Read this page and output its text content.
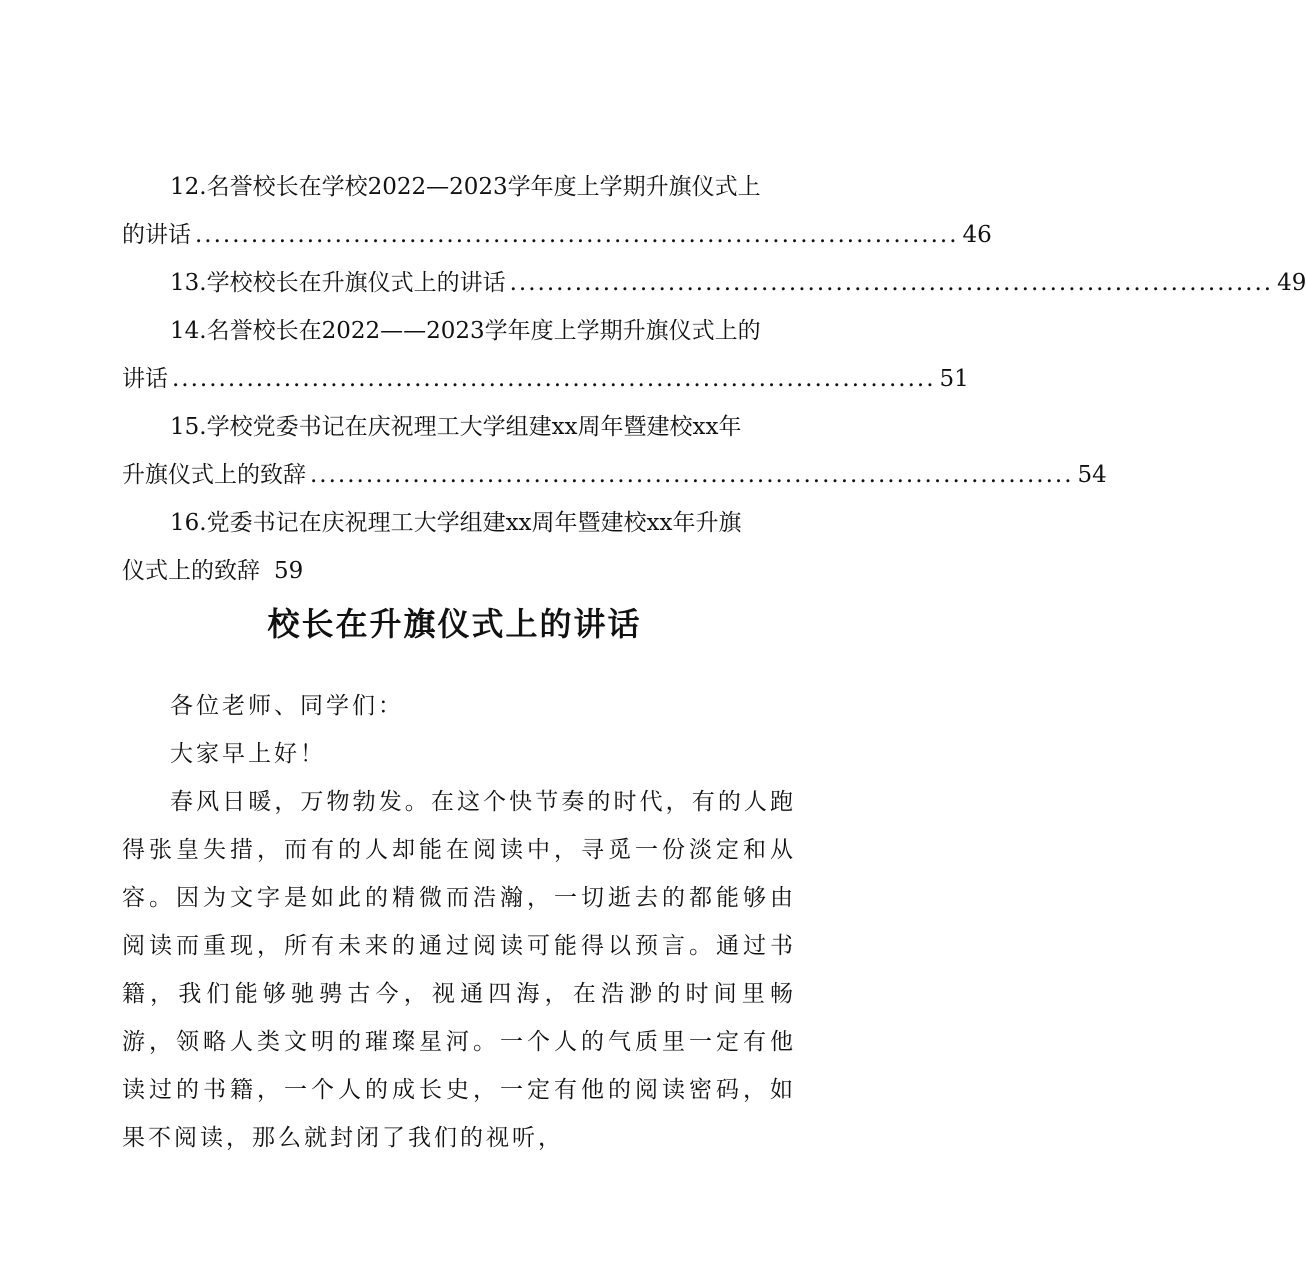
12.名誉校长在学校2022—2023学年度上学期升旗仪式上
的讲话 .................................................................................. 46
13.学校校长在升旗仪式上的讲话 .................................................................................. 49
14.名誉校长在2022——2023学年度上学期升旗仪式上的
讲话 .................................................................................. 51
15.学校党委书记在庆祝理工大学组建xx周年暨建校xx年
升旗仪式上的致辞 .................................................................................. 54
16.党委书记在庆祝理工大学组建xx周年暨建校xx年升旗
仪式上的致辞 59
校长在升旗仪式上的讲话

各位老师、同学们：

大家早上好！

春风日暖，万物勃发。在这个快节奏的时代，有的人跑得张皇失措，而有的人却能在阅读中，寻觅一份淡定和从容。因为文字是如此的精微而浩瀚，一切逝去的都能够由阅读而重现，所有未来的通过阅读可能得以预言。通过书籍，我们能够驰骋古今，视通四海，在浩渺的时间里畅游，领略人类文明的璀璨星河。一个人的气质里一定有他读过的书籍，一个人的成长史，一定有他的阅读密码，如果不阅读，那么就封闭了我们的视听，
